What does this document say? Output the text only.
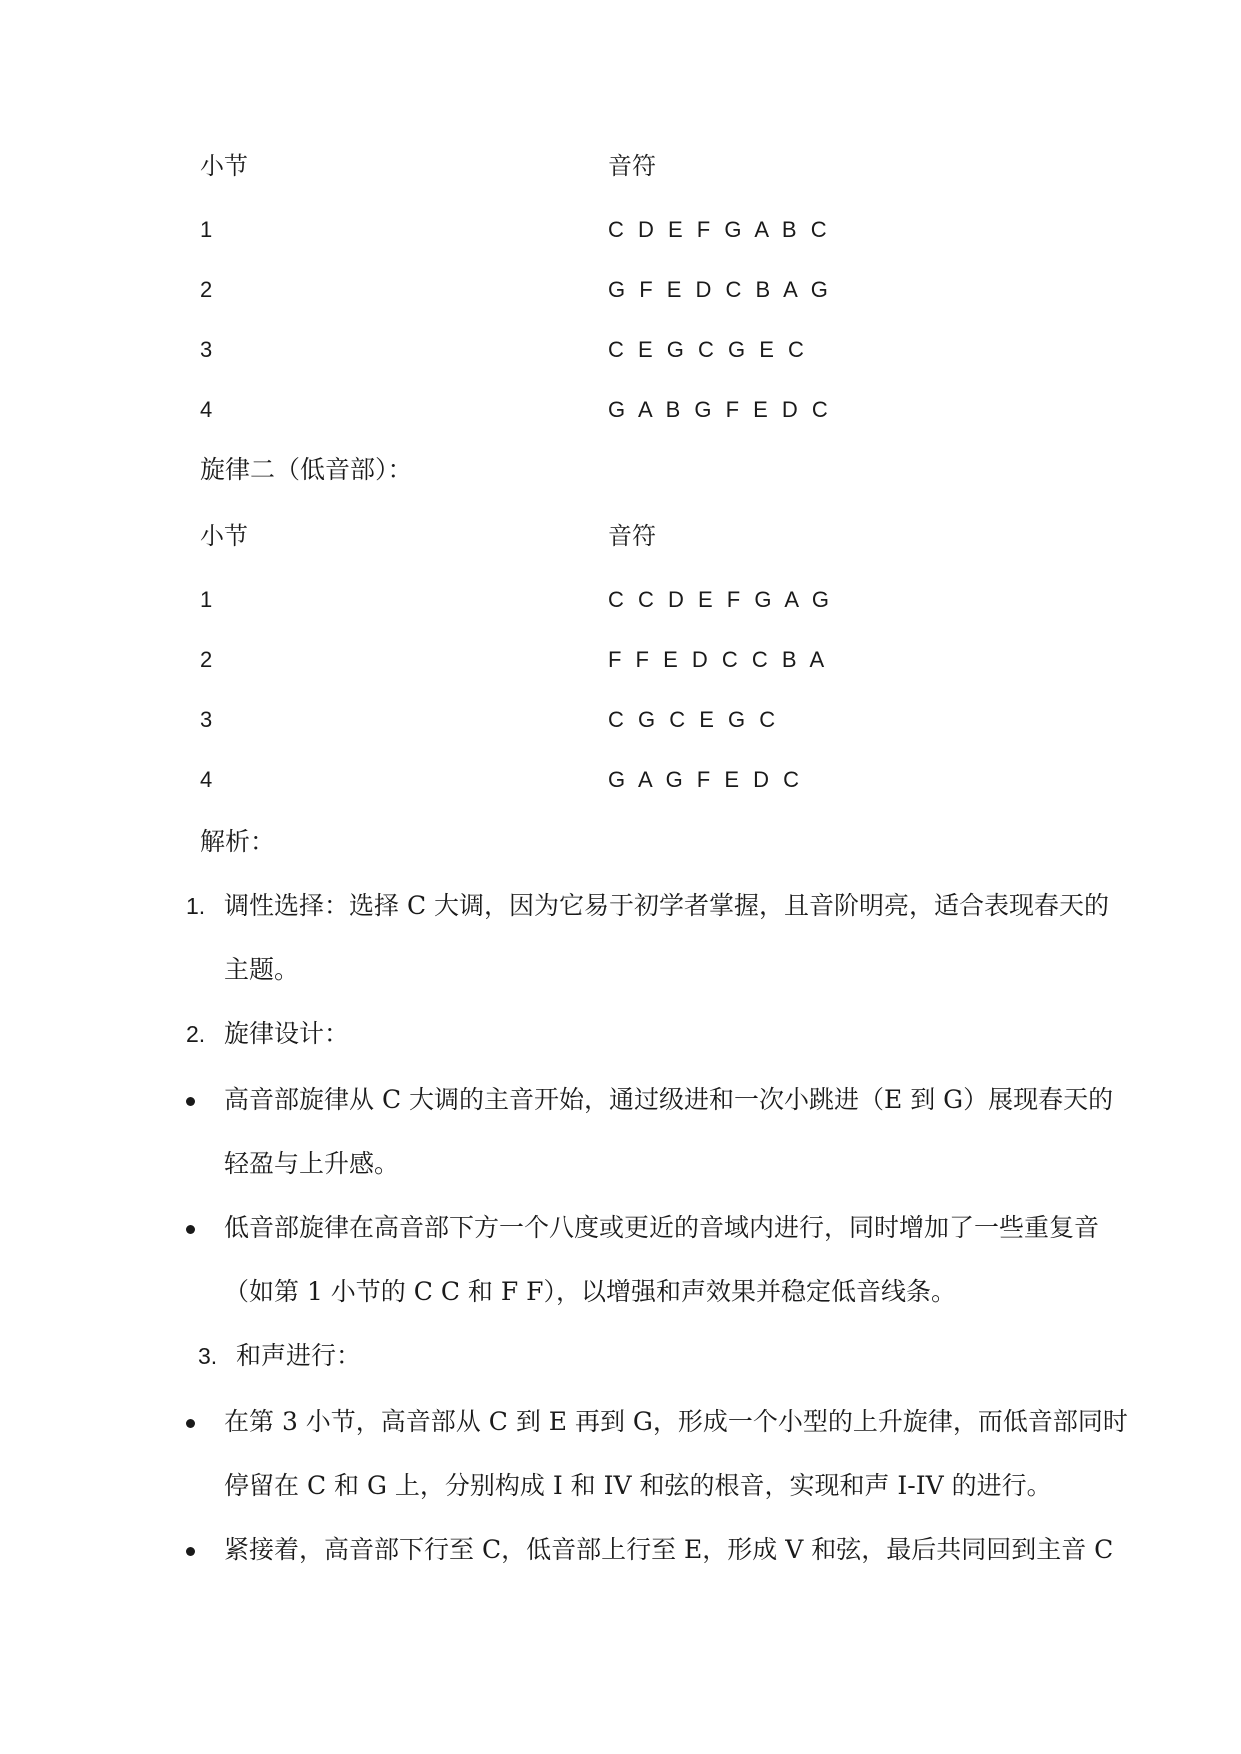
小节	音符
1	C D E F G A B C
2	G F E D C B A G
3	C E G C G E C
4	G A B G F E D C
旋律二（低音部）：
小节	音符
1	C C D E F G A G
2	F F E D C C B A
3	C G C E G C
4	G A G F E D C
解析：
1. 调性选择：选择 C 大调，因为它易于初学者掌握，且音阶明亮，适合表现春天的
主题。
2. 旋律设计：
高音部旋律从 C 大调的主音开始，通过级进和一次小跳进（E 到 G）展现春天的
轻盈与上升感。
低音部旋律在高音部下方一个八度或更近的音域内进行，同时增加了一些重复音
（如第 1 小节的 C C 和 F F），以增强和声效果并稳定低音线条。
3. 和声进行：
在第 3 小节，高音部从 C 到 E 再到 G，形成一个小型的上升旋律，而低音部同时
停留在 C 和 G 上，分别构成 I 和 IV 和弦的根音，实现和声 I-IV 的进行。
紧接着，高音部下行至 C，低音部上行至 E，形成 V 和弦，最后共同回到主音 C
